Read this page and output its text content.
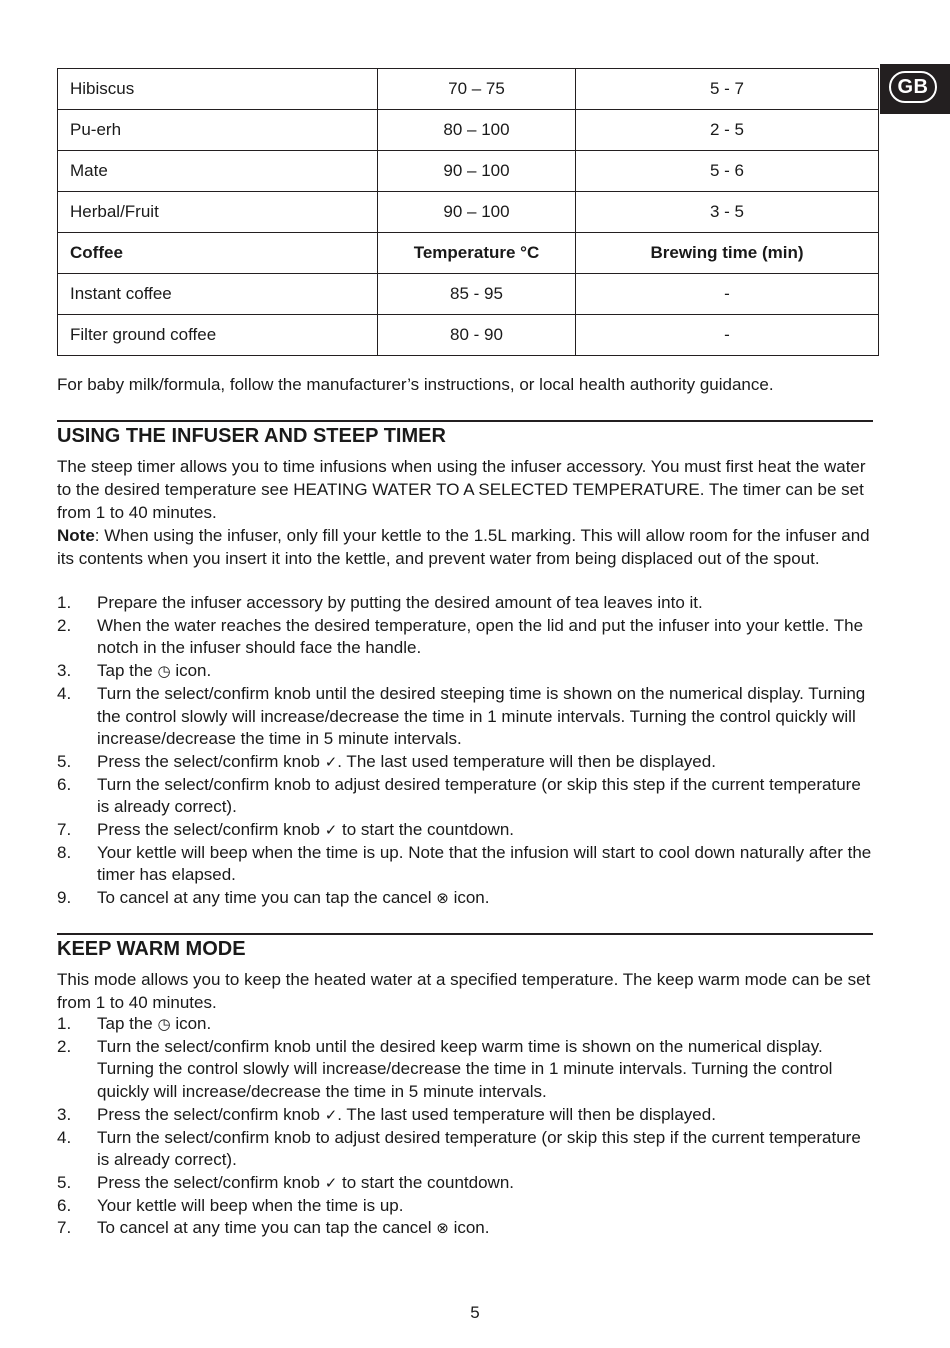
GB
Hibiscus	70 – 75	5 - 7
Pu-erh	80 – 100	2 - 5
Mate	90 – 100	5 - 6
Herbal/Fruit	90 – 100	3 - 5
Coffee	Temperature °C	Brewing time (min)
Instant coffee	85 - 95	-
Filter ground coffee	80 - 90	-
For baby milk/formula, follow the manufacturer’s instructions, or local health authority guidance.
USING THE INFUSER AND STEEP TIMER
The steep timer allows you to time infusions when using the infuser accessory. You must first heat the water to the desired temperature see HEATING WATER TO A SELECTED TEMPERATURE. The timer can be set from 1 to 40 minutes.
Note: When using the infuser, only fill your kettle to the 1.5L marking. This will allow room for the infuser and its contents when you insert it into the kettle, and prevent water from being displaced out of the spout.
1. Prepare the infuser accessory by putting the desired amount of tea leaves into it.
2. When the water reaches the desired temperature, open the lid and put the infuser into your kettle. The notch in the infuser should face the handle.
3. Tap the ◷ icon.
4. Turn the select/confirm knob until the desired steeping time is shown on the numerical display. Turning the control slowly will increase/decrease the time in 1 minute intervals. Turning the control quickly will increase/decrease the time in 5 minute intervals.
5. Press the select/confirm knob ✓. The last used temperature will then be displayed.
6. Turn the select/confirm knob to adjust desired temperature (or skip this step if the current temperature is already correct).
7. Press the select/confirm knob ✓ to start the countdown.
8. Your kettle will beep when the time is up. Note that the infusion will start to cool down naturally after the timer has elapsed.
9. To cancel at any time you can tap the cancel ⊗ icon.
KEEP WARM MODE
This mode allows you to keep the heated water at a specified temperature. The keep warm mode can be set from 1 to 40 minutes.
1. Tap the ◷ icon.
2. Turn the select/confirm knob until the desired keep warm time is shown on the numerical display. Turning the control slowly will increase/decrease the time in 1 minute intervals. Turning the control quickly will increase/decrease the time in 5 minute intervals.
3. Press the select/confirm knob ✓. The last used temperature will then be displayed.
4. Turn the select/confirm knob to adjust desired temperature (or skip this step if the current temperature is already correct).
5. Press the select/confirm knob ✓ to start the countdown.
6. Your kettle will beep when the time is up.
7. To cancel at any time you can tap the cancel ⊗ icon.
5
